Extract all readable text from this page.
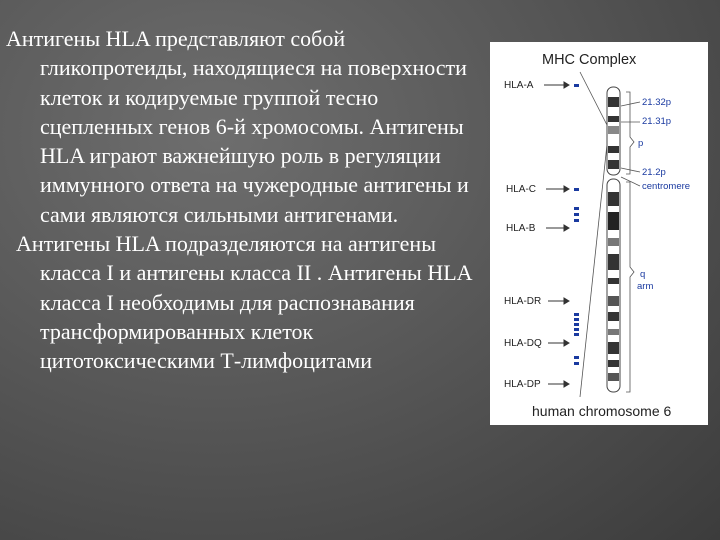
Антигены HLA представляют собой гликопротеиды, находящиеся на поверхности клеток и кодируемые группой тесно сцепленных генов 6-й хромосомы. Антигены HLA играют важнейшую роль в регуляции иммунного ответа на чужеродные антигены и сами являются сильными антигенами.

Антигены HLA подразделяются на антигены класса I и антигены класса II . Антигены HLA класса I необходимы для распознавания трансформированных клеток цитотоксическими Т-лимфоцитами

MHC Complex
HLA-A
HLA-C
HLA-B
HLA-DR
HLA-DQ
HLA-DP
21.32p
21.31p
p
21.2p
centromere
q
arm
human chromosome 6
